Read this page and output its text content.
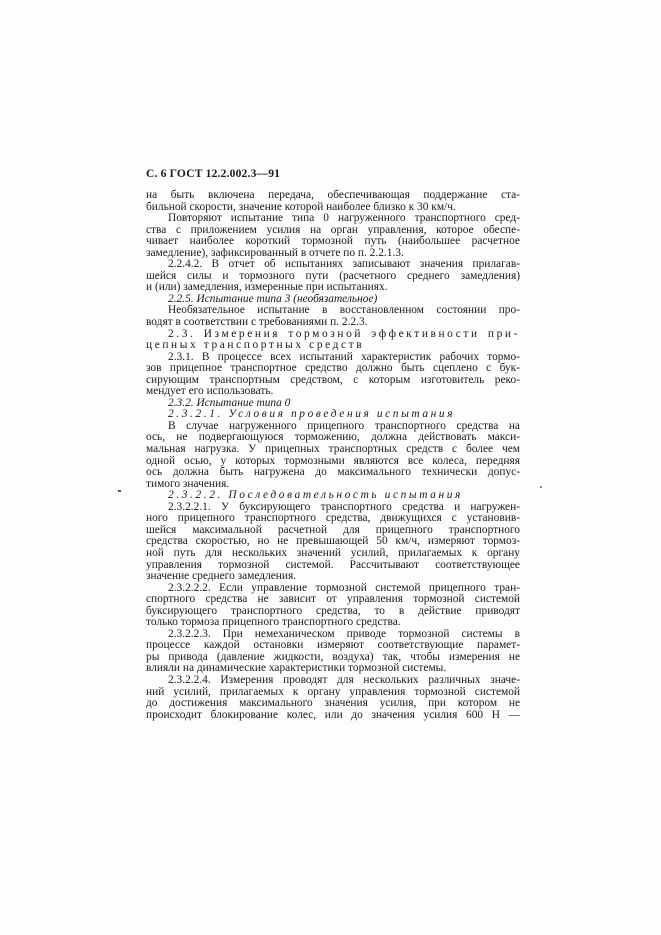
С. 6 ГОСТ 12.2.002.3—91
на быть включена передача, обеспечивающая поддержание ста-
бильной скорости, значение которой наиболее близко к 30 км/ч.
Повторяют испытание типа 0 нагруженного транспортного сред-
ства с приложением усилия на орган управления, которое обеспе-
чивает наиболее короткий тормозной путь (наибольшее расчетное
замедление), зафиксированный в отчете по п. 2.2.1.3.
2.2.4.2. В отчет об испытаниях записывают значения прилагав-
шейся силы и тормозного пути (расчетного среднего замедления)
и (или) замедления, измеренные при испытаниях.
2.2.5. Испытание типа 3 (необязательное)
Необязательное испытание в восстановленном состоянии про-
водят в соответствии с требованиями п. 2.2.3.
2.3. Измерения тормозной эффективности при-
цепных транспортных средств
2.3.1. В процессе всех испытаний характеристик рабочих тормо-
зов прицепное транспортное средство должно быть сцеплено с бук-
сирующим транспортным средством, с которым изготовитель реко-
мендует его использовать.
2.3.2. Испытание типа 0
2.3.2.1. Условия проведения испытания
В случае нагруженного прицепного транспортного средства на
ось, не подвергающуюся торможению, должна действовать макси-
мальная нагрузка. У прицепных транспортных средств с более чем
одной осью, у которых тормозными являются все колеса, передняя
ось должна быть нагружена до максимального технически допус-
тимого значения.
2.3.2.2. Последовательность испытания
2.3.2.2.1. У буксирующего транспортного средства и нагружен-
ного прицепного транспортного средства, движущихся с установив-
шейся максимальной расчетной для прицепного транспортного
средства скоростью, но не превышающей 50 км/ч, измеряют тормоз-
ной путь для нескольких значений усилий, прилагаемых к органу
управления тормозной системой. Рассчитывают соответствующее
значение среднего замедления.
2.3.2.2.2. Если управление тормозной системой прицепного тран-
спортного средства не зависит от управления тормозной системой
буксирующего транспортного средства, то в действие приводят
только тормоза прицепного транспортного средства.
2.3.2.2.3. При немеханическом приводе тормозной системы в
процессе каждой остановки измеряют соответствующие парамет-
ры привода (давление жидкости, воздуха) так, чтобы измерения не
влияли на динамические характеристики тормозной системы.
2.3.2.2.4. Измерения проводят для нескольких различных значе-
ний усилий, прилагаемых к органу управления тормозной системой
до достижения максимального значения усилия, при котором не
происходит блокирование колес, или до значения усилия 600 Н —
